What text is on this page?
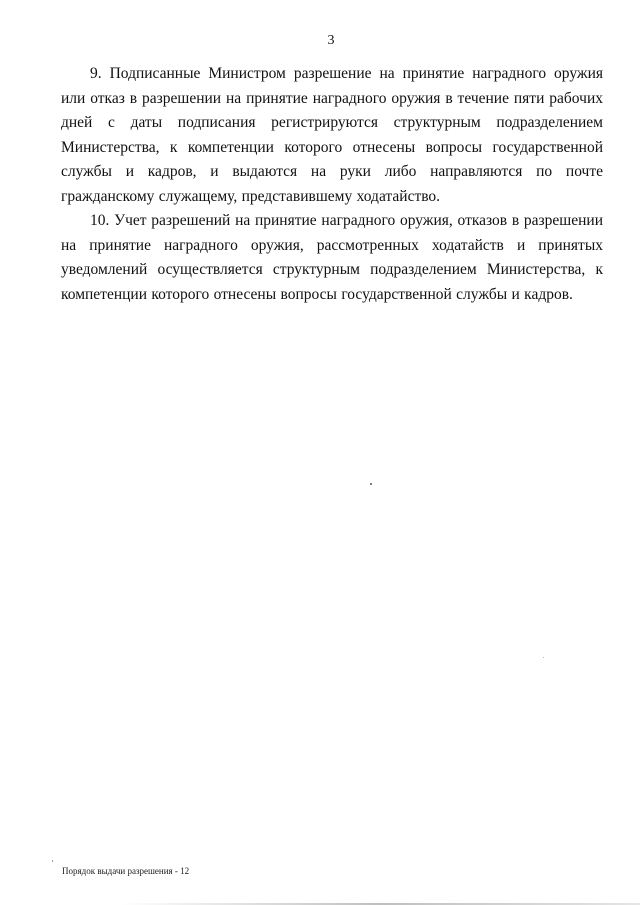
3

9. Подписанные Министром разрешение на принятие наградного оружия или отказ в разрешении на принятие наградного оружия в течение пяти рабочих дней с даты подписания регистрируются структурным подразделением Министерства, к компетенции которого отнесены вопросы государственной службы и кадров, и выдаются на руки либо направляются по почте гражданскому служащему, представившему ходатайство.

10. Учет разрешений на принятие наградного оружия, отказов в разрешении на принятие наградного оружия, рассмотренных ходатайств и принятых уведомлений осуществляется структурным подразделением Министерства, к компетенции которого отнесены вопросы государственной службы и кадров.

Порядок выдачи разрешения - 12
